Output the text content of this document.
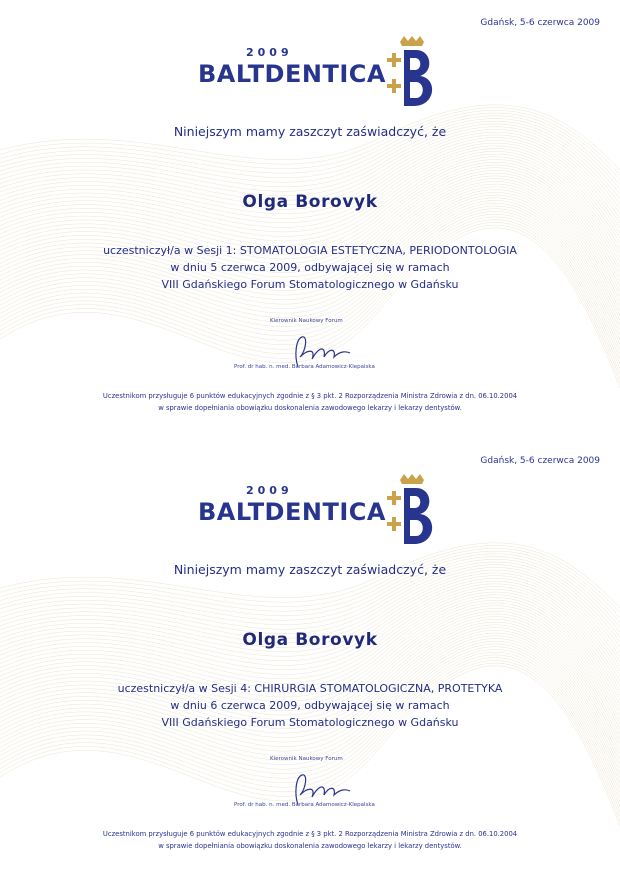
Gdańsk, 5-6 czerwca 2009
2009
BALTDENTICA
Niniejszym mamy zaszczyt zaświadczyć, że
Olga Borovyk
uczestniczył/a w Sesji 1: STOMATOLOGIA ESTETYCZNA, PERIODONTOLOGIA
w dniu 5 czerwca 2009, odbywającej się w ramach
VIII Gdańskiego Forum Stomatologicznego w Gdańsku
Kierownik Naukowy Forum
Prof. dr hab. n. med. Barbara Adamowicz-Klepalska
Uczestnikom przysługuje 6 punktów edukacyjnych zgodnie z § 3 pkt. 2 Rozporządzenia Ministra Zdrowia z dn. 06.10.2004
w sprawie dopełniania obowiązku doskonalenia zawodowego lekarzy i lekarzy dentystów.
Gdańsk, 5-6 czerwca 2009
2009
BALTDENTICA
Niniejszym mamy zaszczyt zaświadczyć, że
Olga Borovyk
uczestniczył/a w Sesji 4: CHIRURGIA STOMATOLOGICZNA, PROTETYKA
w dniu 6 czerwca 2009, odbywającej się w ramach
VIII Gdańskiego Forum Stomatologicznego w Gdańsku
Kierownik Naukowy Forum
Prof. dr hab. n. med. Barbara Adamowicz-Klepalska
Uczestnikom przysługuje 6 punktów edukacyjnych zgodnie z § 3 pkt. 2 Rozporządzenia Ministra Zdrowia z dn. 06.10.2004
w sprawie dopełniania obowiązku doskonalenia zawodowego lekarzy i lekarzy dentystów.
